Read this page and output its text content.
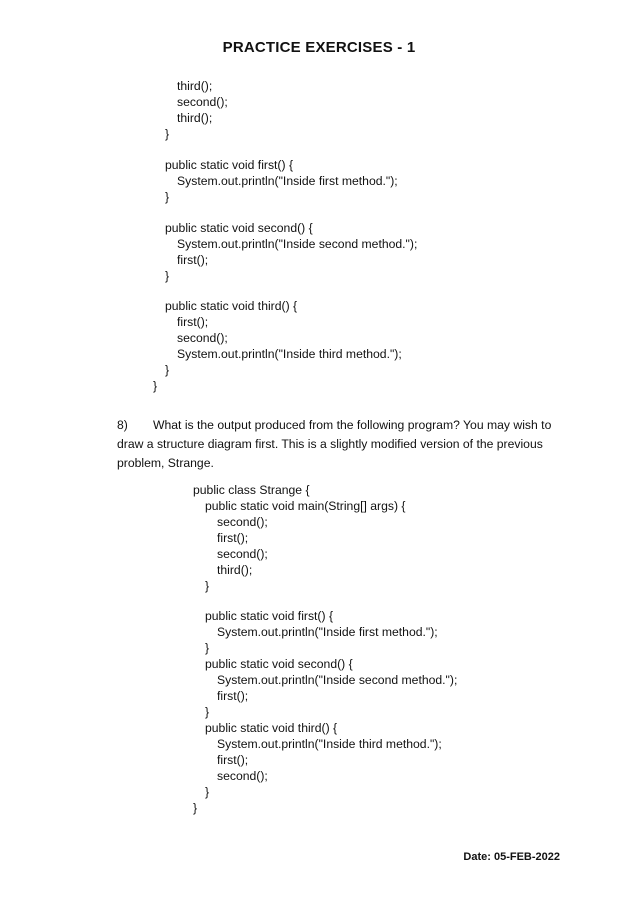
PRACTICE EXERCISES - 1
third();
second();
third();
}
public static void first() {
System.out.println("Inside first method.");
}
public static void second() {
System.out.println("Inside second method.");
first();
}
public static void third() {
first();
second();
System.out.println("Inside third method.");
}
}
8) What is the output produced from the following program? You may wish to draw a structure diagram first. This is a slightly modified version of the previous problem, Strange.
public class Strange {
public static void main(String[] args) {
second();
first();
second();
third();
}
public static void first() {
System.out.println("Inside first method.");
}
public static void second() {
System.out.println("Inside second method.");
first();
}
public static void third() {
System.out.println("Inside third method.");
first();
second();
}
}
Date: 05-FEB-2022
